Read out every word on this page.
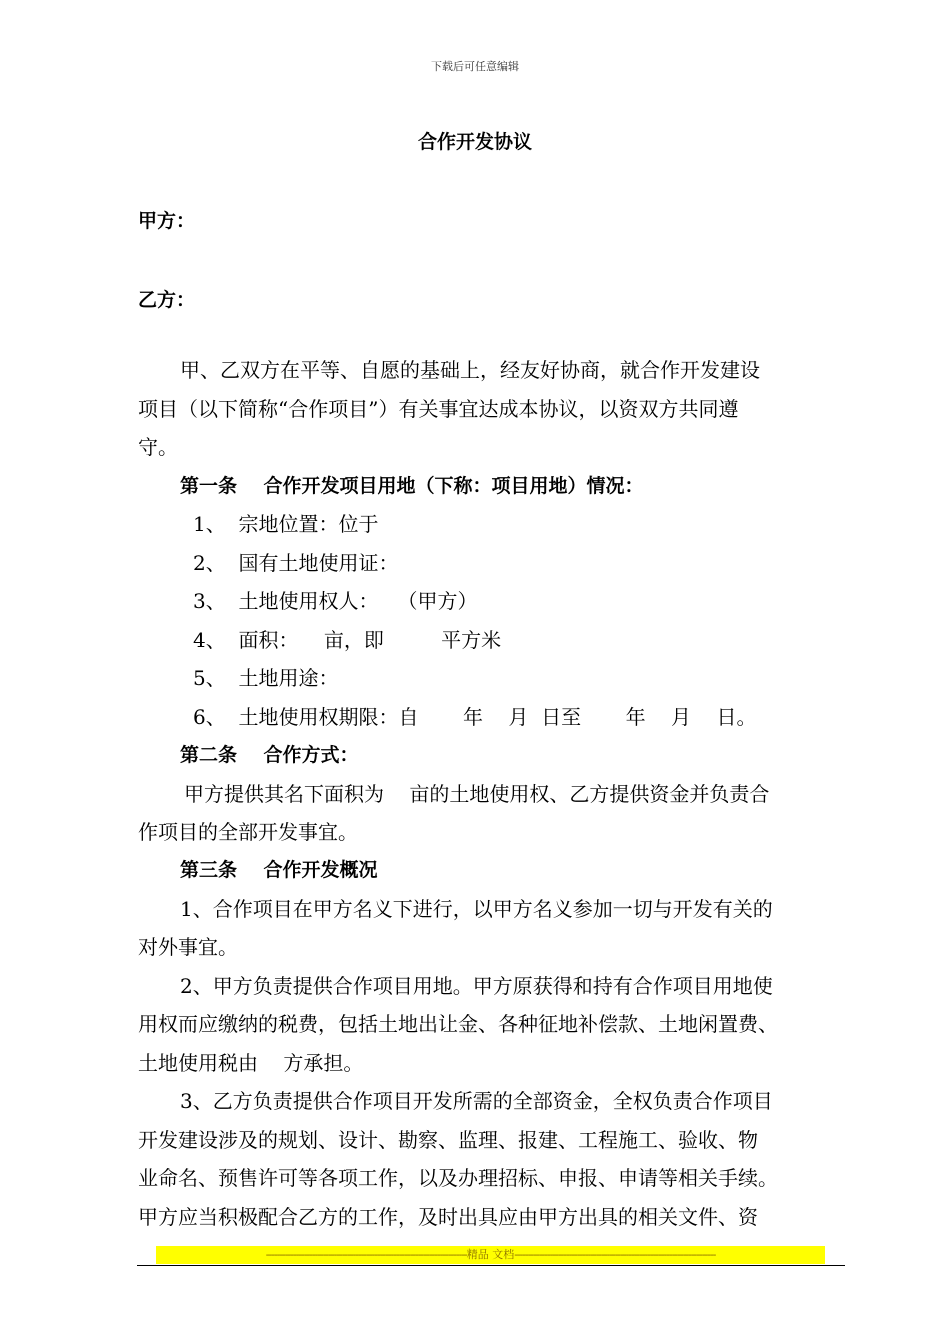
下载后可任意编辑
合作开发协议
甲方：
乙方：
甲、乙双方在平等、自愿的基础上，经友好协商，就合作开发建设
项目（以下简称“合作项目”）有关事宜达成本协议，以资双方共同遵
守。
第一条    合作开发项目用地（下称：项目用地）情况：
1、  宗地位置：位于
2、  国有土地使用证：
3、  土地使用权人：   （甲方）
4、  面积：    亩，即         平方米
5、  土地用途：
6、  土地使用权期限：自       年    月  日至       年    月    日。
第二条    合作方式：
甲方提供其名下面积为    亩的土地使用权、乙方提供资金并负责合
作项目的全部开发事宜。
第三条    合作开发概况
1、合作项目在甲方名义下进行，以甲方名义参加一切与开发有关的
对外事宜。
2、甲方负责提供合作项目用地。甲方原获得和持有合作项目用地使
用权而应缴纳的税费，包括土地出让金、各种征地补偿款、土地闲置费、
土地使用税由    方承担。
3、乙方负责提供合作项目开发所需的全部资金，全权负责合作项目
开发建设涉及的规划、设计、勘察、监理、报建、工程施工、验收、物
业命名、预售许可等各项工作，以及办理招标、申报、申请等相关手续。
甲方应当积极配合乙方的工作，及时出具应由甲方出具的相关文件、资
--------------------------------------------------------------------------精品 文档--------------------------------------------------------------------------
